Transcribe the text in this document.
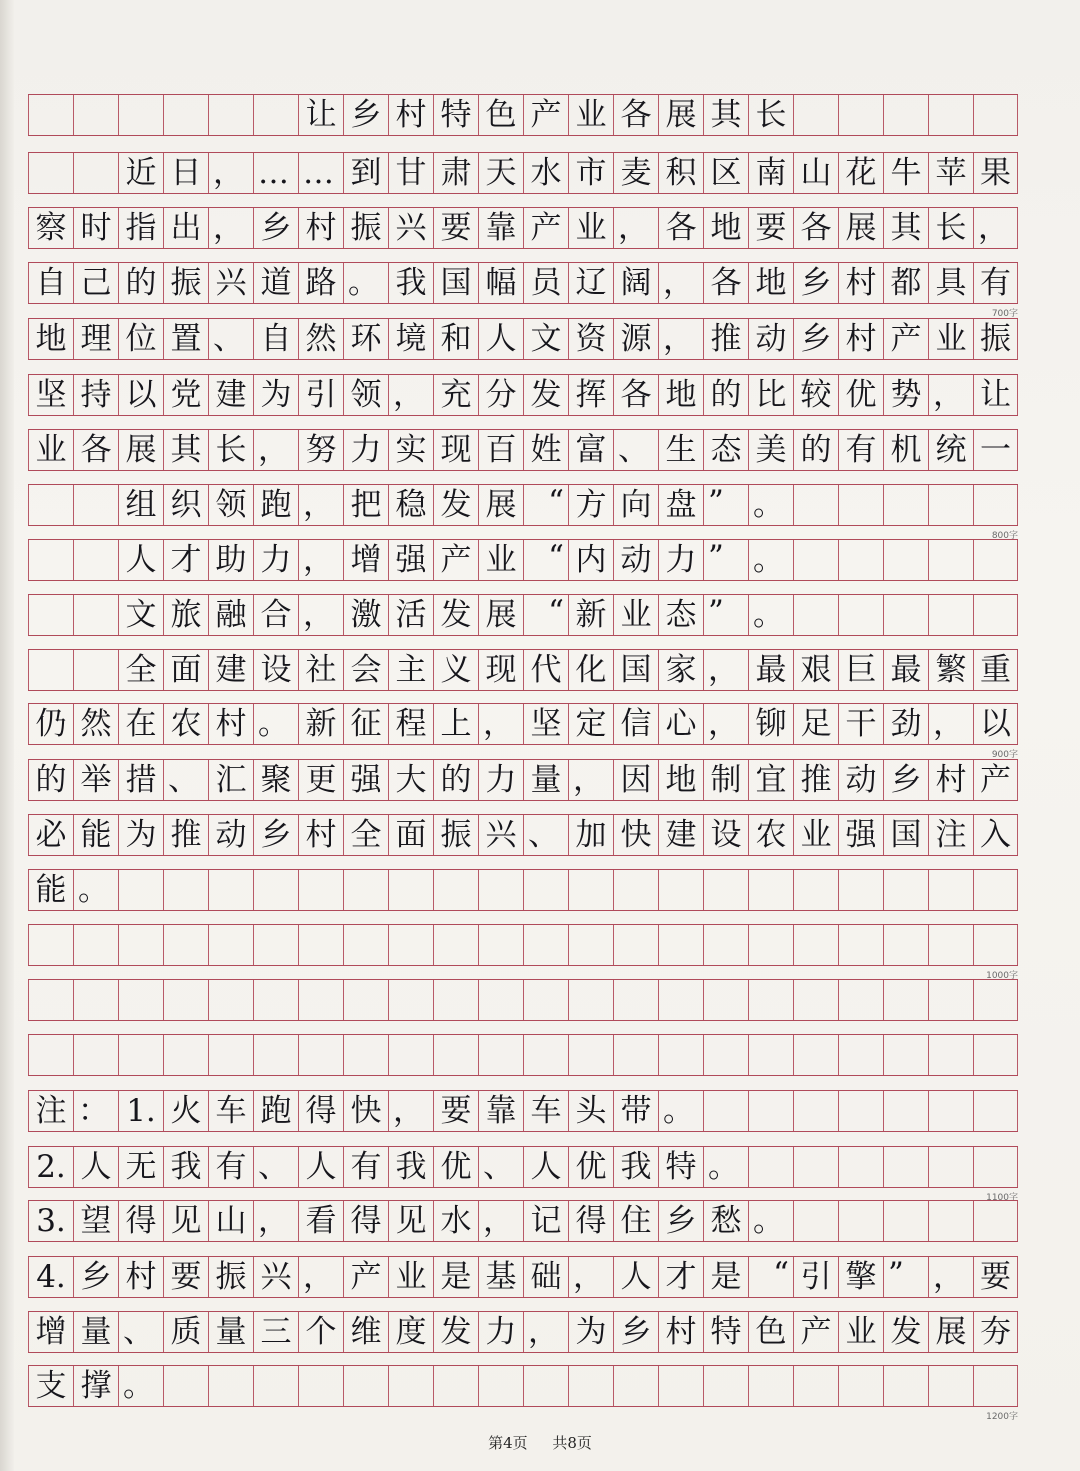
让 乡 村 特 色 产 业 各 展 其 长
近 日 ， … … 到 甘 肃 天 水 市 麦 积 区 南 山 花 牛 苹 果
察 时 指 出 ， 乡 村 振 兴 要 靠 产 业 ， 各 地 要 各 展 其 长 ，
自 己 的 振 兴 道 路 。 我 国 幅 员 辽 阔 ， 各 地 乡 村 都 具 有
700字
地 理 位 置 、 自 然 环 境 和 人 文 资 源 ， 推 动 乡 村 产 业 振
坚 持 以 党 建 为 引 领 ， 充 分 发 挥 各 地 的 比 较 优 势 ， 让
业 各 展 其 长 ， 努 力 实 现 百 姓 富 、 生 态 美 的 有 机 统 一
组 织 领 跑 ， 把 稳 发 展	“ 方 向 盘 ” 。
800字
人 才 助 力 ， 增 强 产 业	“ 内 动 力 ” 。
文 旅 融 合 ， 激 活 发 展	“ 新 业 态 ” 。
全 面 建 设 社 会 主 义 现 代 化 国 家 ， 最 艰 巨 最 繁 重
仍 然 在 农 村 。 新 征 程 上 ， 坚 定 信 心 ， 铆 足 干 劲 ， 以
900字
的 举 措 、 汇 聚 更 强 大 的 力 量 ， 因 地 制 宜 推 动 乡 村 产
必 能 为 推 动 乡 村 全 面 振 兴 、 加 快 建 设 农 业 强 国 注 入
能 。
1000字
注 ： 1. 火 车 跑 得 快 ， 要 靠 车 头 带 。
2. 人 无 我 有 、 人 有 我 优 、 人 优 我 特 。
1100字
3. 望 得 见 山 ， 看 得 见 水 ， 记 得 住 乡 愁 。
4. 乡 村 要 振 兴 ， 产 业 是 基 础 ， 人 才 是	“ 引 擎 ” ， 要
增 量 、 质 量 三 个 维 度 发 力 ， 为 乡 村 特 色 产 业 发 展 夯
支 撑 。
1200字
第4页 共8页
